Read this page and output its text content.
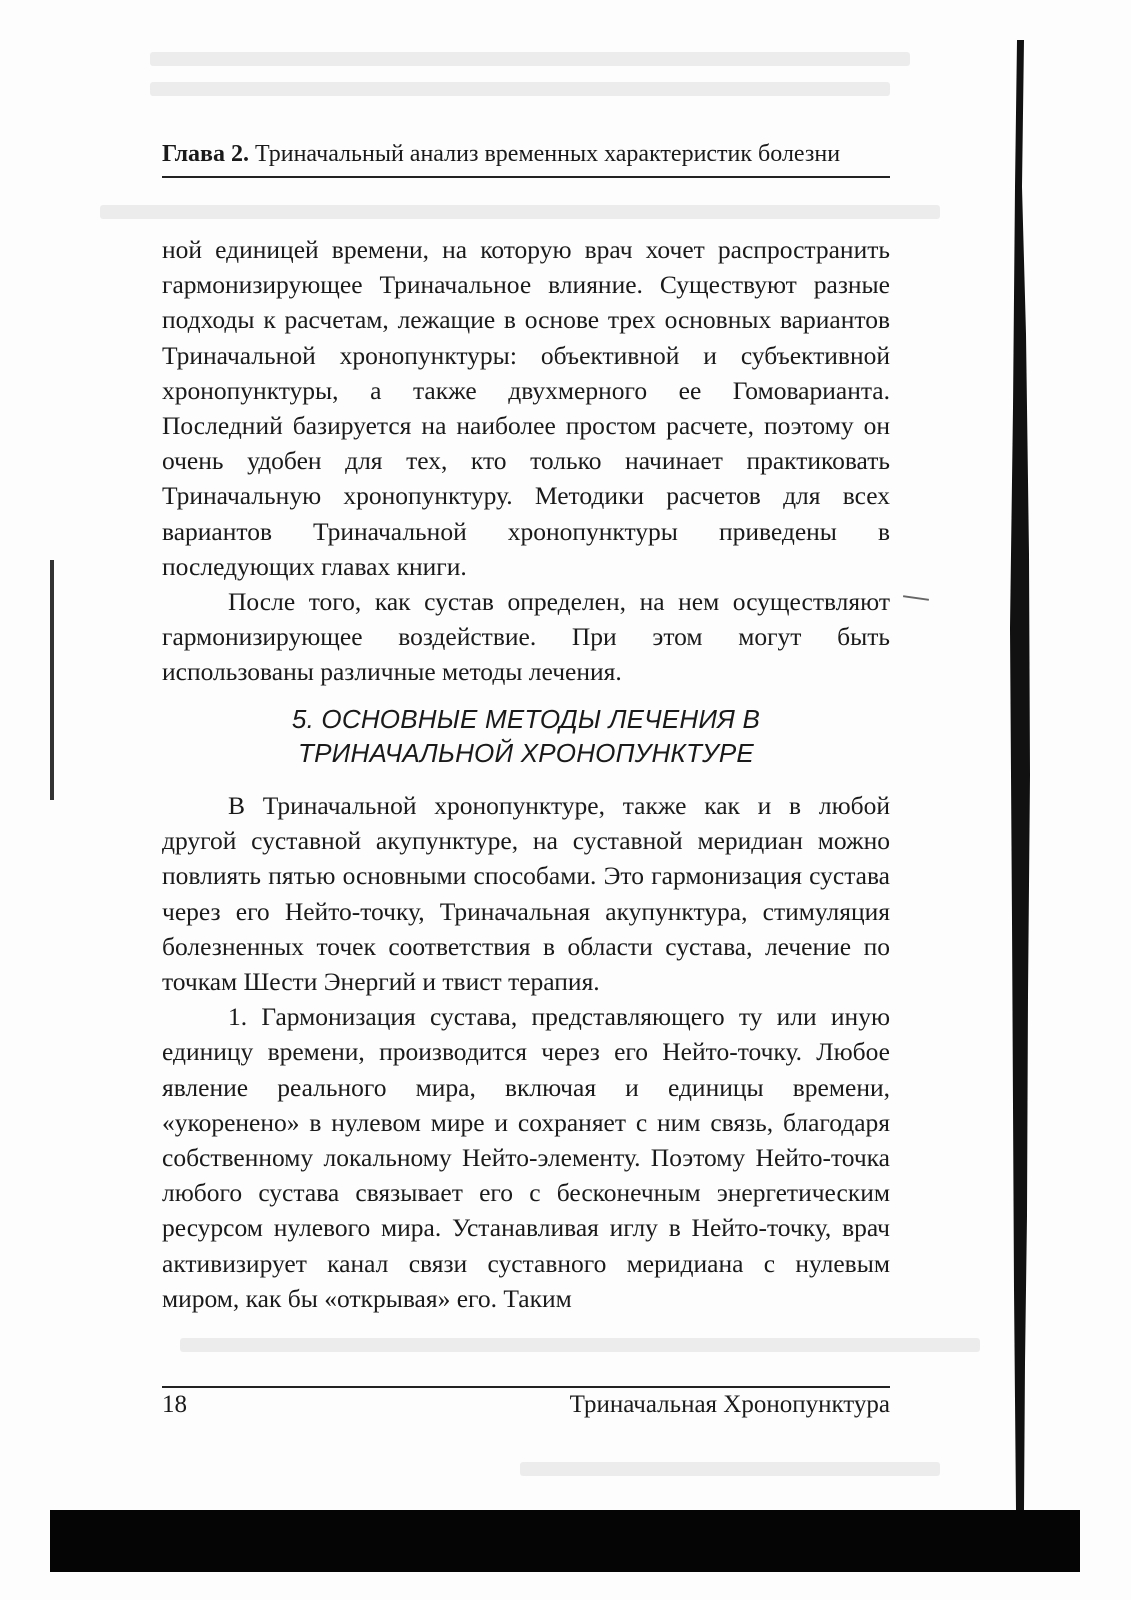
Глава 2. Триначальный анализ временных характеристик болезни

ной единицей времени, на которую врач хочет распространить гармонизирующее Триначальное влияние. Существуют разные подходы к расчетам, лежащие в основе трех основных вариантов Триначальной хронопунктуры: объективной и субъективной хронопунктуры, а также двухмерного ее Гомоварианта. Последний базируется на наиболее простом расчете, поэтому он очень удобен для тех, кто только начинает практиковать Триначальную хронопунктуру. Методики расчетов для всех вариантов Триначальной хронопунктуры приведены в последующих главах книги.

После того, как сустав определен, на нем осуществляют гармонизирующее воздействие. При этом могут быть использованы различные методы лечения.

5. ОСНОВНЫЕ МЕТОДЫ ЛЕЧЕНИЯ В
ТРИНАЧАЛЬНОЙ ХРОНОПУНКТУРЕ

В Триначальной хронопунктуре, также как и в любой другой суставной акупунктуре, на суставной меридиан можно повлиять пятью основными способами. Это гармонизация сустава через его Нейто-точку, Триначальная акупунктура, стимуляция болезненных точек соответствия в области сустава, лечение по точкам Шести Энергий и твист терапия.

1. Гармонизация сустава, представляющего ту или иную единицу времени, производится через его Нейто-точку. Любое явление реального мира, включая и единицы времени, «укоренено» в нулевом мире и сохраняет с ним связь, благодаря собственному локальному Нейто-элементу. Поэтому Нейто-точка любого сустава связывает его с бесконечным энергетическим ресурсом нулевого мира. Устанавливая иглу в Нейто-точку, врач активизирует канал связи суставного меридиана с нулевым миром, как бы «открывая» его. Таким

18	Триначальная Хронопунктура
